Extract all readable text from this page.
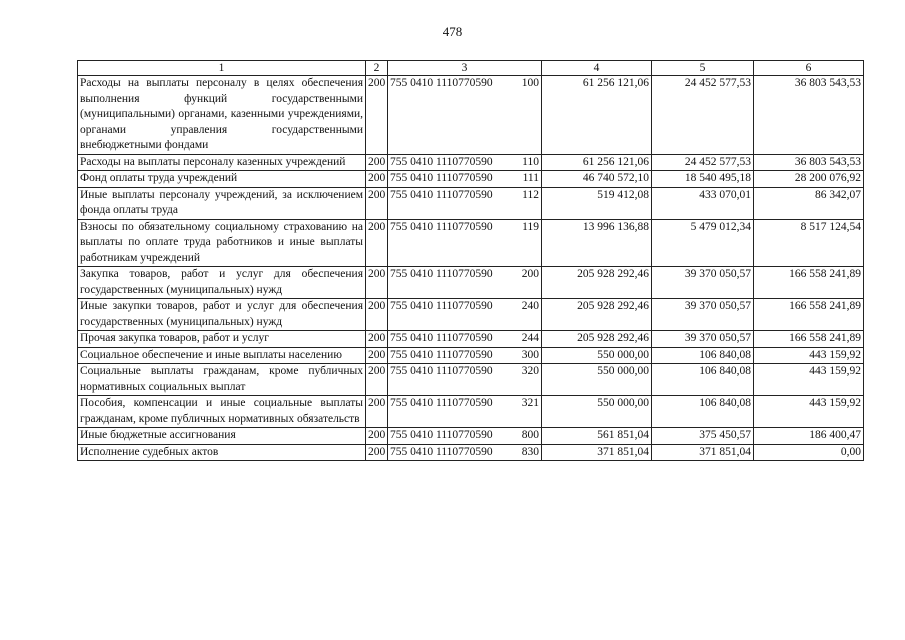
478
1	2	3	4	5	6
Расходы на выплаты персоналу в целях обеспечения выполнения функций государственными (муниципальными) органами, казенными учреждениями, органами управления государственными внебюджетными фондами	200	755 0410 1110770590 100	61 256 121,06	24 452 577,53	36 803 543,53
Расходы на выплаты персоналу казенных учреждений	200	755 0410 1110770590 110	61 256 121,06	24 452 577,53	36 803 543,53
Фонд оплаты труда учреждений	200	755 0410 1110770590 111	46 740 572,10	18 540 495,18	28 200 076,92
Иные выплаты персоналу учреждений, за исключением фонда оплаты труда	200	755 0410 1110770590 112	519 412,08	433 070,01	86 342,07
Взносы по обязательному социальному страхованию на выплаты по оплате труда работников и иные выплаты работникам учреждений	200	755 0410 1110770590 119	13 996 136,88	5 479 012,34	8 517 124,54
Закупка товаров, работ и услуг для обеспечения государственных (муниципальных) нужд	200	755 0410 1110770590 200	205 928 292,46	39 370 050,57	166 558 241,89
Иные закупки товаров, работ и услуг для обеспечения государственных (муниципальных) нужд	200	755 0410 1110770590 240	205 928 292,46	39 370 050,57	166 558 241,89
Прочая закупка товаров, работ и услуг	200	755 0410 1110770590 244	205 928 292,46	39 370 050,57	166 558 241,89
Социальное обеспечение и иные выплаты населению	200	755 0410 1110770590 300	550 000,00	106 840,08	443 159,92
Социальные выплаты гражданам, кроме публичных нормативных социальных выплат	200	755 0410 1110770590 320	550 000,00	106 840,08	443 159,92
Пособия, компенсации и иные социальные выплаты гражданам, кроме публичных нормативных обязательств	200	755 0410 1110770590 321	550 000,00	106 840,08	443 159,92
Иные бюджетные ассигнования	200	755 0410 1110770590 800	561 851,04	375 450,57	186 400,47
Исполнение судебных актов	200	755 0410 1110770590 830	371 851,04	371 851,04	0,00
